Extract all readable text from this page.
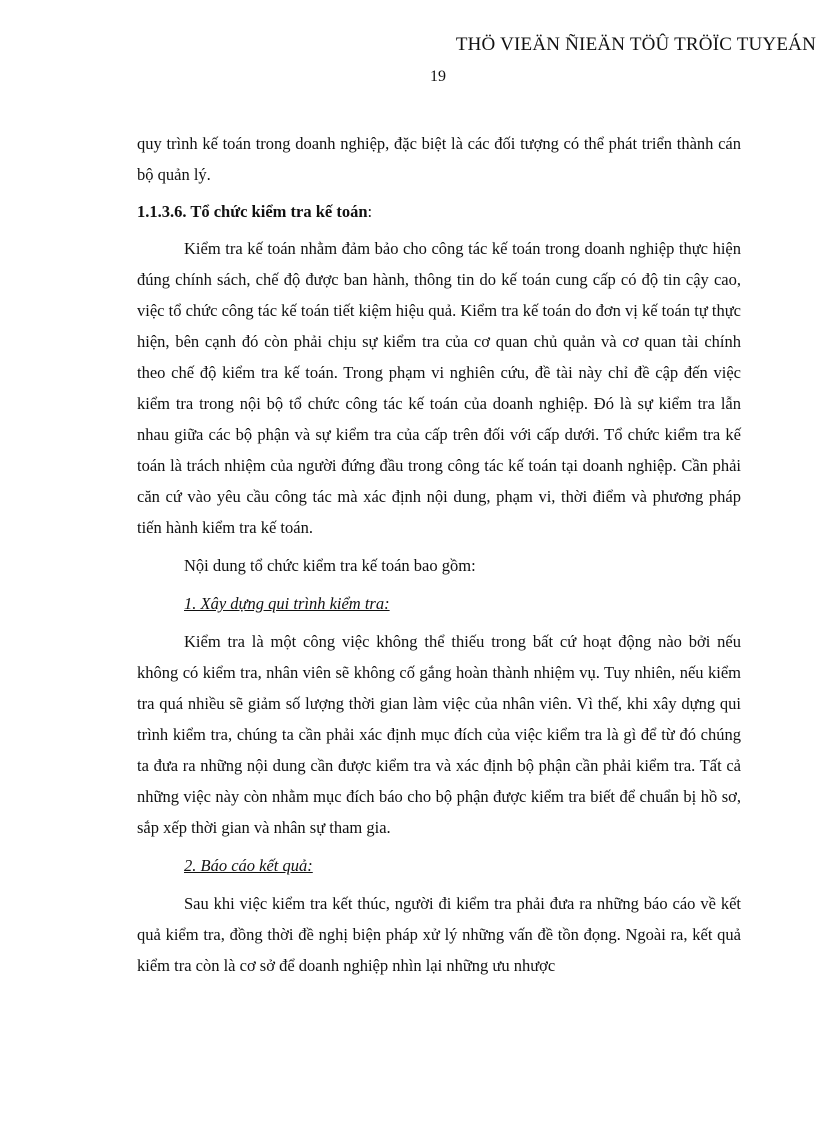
THÖ VIEÄN ÑIEÄN TÖÛ TRÖÏC TUYEÁN
19

quy trình kế toán trong doanh nghiệp, đặc biệt là các đối tượng có thể phát triển thành cán bộ quản lý.

1.1.3.6. Tổ chức kiểm tra kế toán:

Kiểm tra kế toán nhằm đảm bảo cho công tác kế toán trong doanh nghiệp thực hiện đúng chính sách, chế độ được ban hành, thông tin do kế toán cung cấp có độ tin cậy cao, việc tổ chức công tác kế toán tiết kiệm hiệu quả. Kiểm tra kế toán do đơn vị kế toán tự thực hiện, bên cạnh đó còn phải chịu sự kiểm tra của cơ quan chủ quản và cơ quan tài chính theo chế độ kiểm tra kế toán. Trong phạm vi nghiên cứu, đề tài này chỉ đề cập đến việc kiểm tra trong nội bộ tổ chức công tác kế toán của doanh nghiệp. Đó là sự kiểm tra lẫn nhau giữa các bộ phận và sự kiểm tra của cấp trên đối với cấp dưới. Tổ chức kiểm tra kế toán là trách nhiệm của người đứng đầu trong công tác kế toán tại doanh nghiệp. Cần phải căn cứ vào yêu cầu công tác mà xác định nội dung, phạm vi, thời điểm và phương pháp tiến hành kiểm tra kế toán.

Nội dung tổ chức kiểm tra kế toán bao gồm:

1. Xây dựng qui trình kiểm tra:

Kiểm tra là một công việc không thể thiếu trong bất cứ hoạt động nào bởi nếu không có kiểm tra, nhân viên sẽ không cố gắng hoàn thành nhiệm vụ. Tuy nhiên, nếu kiểm tra quá nhiều sẽ giảm số lượng thời gian làm việc của nhân viên. Vì thế, khi xây dựng qui trình kiểm tra, chúng ta cần phải xác định mục đích của việc kiểm tra là gì để từ đó chúng ta đưa ra những nội dung cần được kiểm tra và xác định bộ phận cần phải kiểm tra. Tất cả những việc này còn nhằm mục đích báo cho bộ phận được kiểm tra biết để chuẩn bị hồ sơ, sắp xếp thời gian và nhân sự tham gia.

2. Báo cáo kết quả:

Sau khi việc kiểm tra kết thúc, người đi kiểm tra phải đưa ra những báo cáo về kết quả kiểm tra, đồng thời đề nghị biện pháp xử lý những vấn đề tồn đọng. Ngoài ra, kết quả kiểm tra còn là cơ sở để doanh nghiệp nhìn lại những ưu nhược
